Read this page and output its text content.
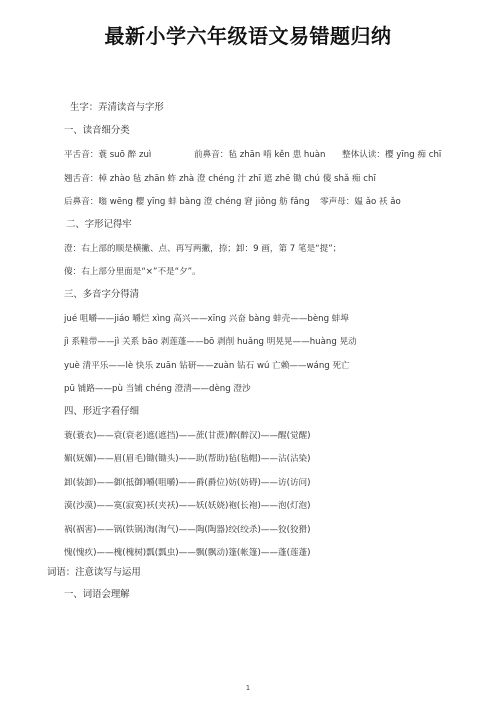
最新小学六年级语文易错题归纳
生字：弄清读音与字形
一、读音细分类
平舌音：蓑 suō 醉 zuì	前鼻音：毡 zhān 啃 kěn 患 huàn 整体认读：樱 yīng 痴 chī
翘舌音：棹 zhào 毡 zhān 蚱 zhà 澄 chéng 汁 zhī 遮 zhē 锄 chú 傻 shǎ 痴 chī
后鼻音：嗡 wēng 樱 yīng 蚌 bàng 澄 chéng 窘 jiǒng 舫 fǎng 零声母：媪 ǎo 袄 ǎo
二、字形记得牢
澄：右上部的顺是横撇、点、再写两撇，捺；卸：9 画，第 7 笔是“提”；
傻：右上部分里面是“×”不是“夕”。
三、多音字分得清
jué 咀嚼——jiáo 嚼烂 xìng 高兴——xīng 兴奋 bàng 蚌壳——bèng 蚌埠
jì 系鞋带——jì 关系 bāo 剥莲蓬——bō 剥削 huǎng 明晃晃——huàng 晃动
yuè 清平乐——lè 快乐 zuān 钻研——zuàn 钻石 wú 亡赖——wáng 死亡
pū 铺路——pù 当铺 chéng 澄清——dèng 澄沙
四、形近字看仔细
蓑(蓑衣)——衰(衰老)遮(遮挡)——蔗(甘蔗)醉(醉汉)——醒(觉醒)
媚(妩媚)——眉(眉毛)锄(锄头)——助(帮助)毡(毡帽)——沾(沾染)
卸(装卸)——御(抵御)嚼(咀嚼)——爵(爵位)妨(妨碍)——访(访问)
漠(沙漠)——寞(寂寞)袄(夹袄)——妖(妖娆)袍(长袍)——泡(灯泡)
祸(祸害)——锅(铁锅)淘(淘气)——陶(陶器)绞(绞杀)——狡(狡猾)
愧(愧疚)——槐(槐树)瓢(瓢虫)——飘(飘动)篷(帐篷)——蓬(莲蓬)
词语：注意读写与运用
一、词语会理解
1
